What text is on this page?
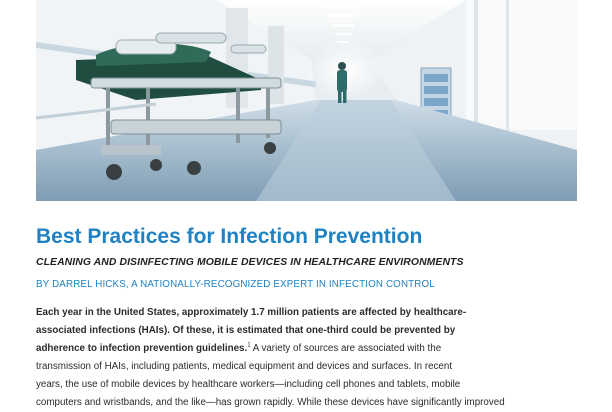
Best Practices for Infection Prevention
CLEANING AND DISINFECTING MOBILE DEVICES IN HEALTHCARE ENVIRONMENTS
BY DARREL HICKS, A NATIONALLY-RECOGNIZED EXPERT IN INFECTION CONTROL
Each year in the United States, approximately 1.7 million patients are affected by healthcare-
associated infections (HAIs). Of these, it is estimated that one-third could be prevented by
adherence to infection prevention guidelines.$^1$ A variety of sources are associated with the
transmission of HAIs, including patients, medical equipment and devices and surfaces. In recent
years, the use of mobile devices by healthcare workers—including cell phones and tablets, mobile
computers and wristbands, and the like—has grown rapidly. While these devices have significantly improved
